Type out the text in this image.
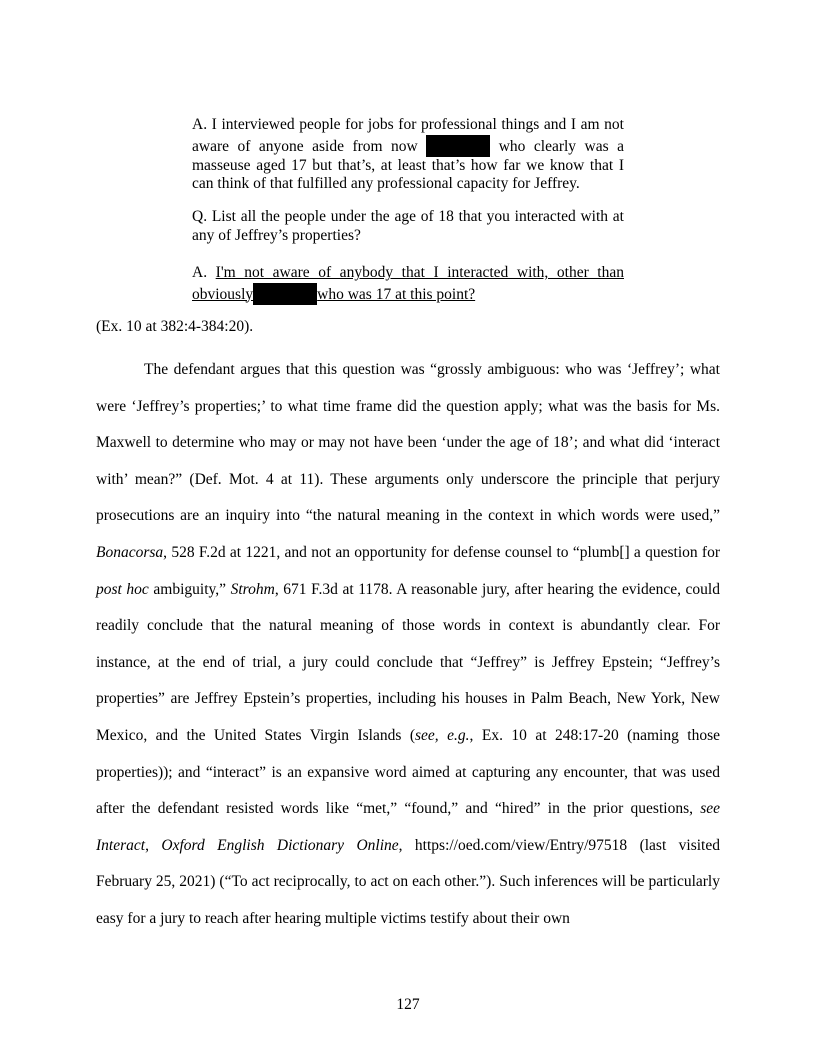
A. I interviewed people for jobs for professional things and I am not aware of anyone aside from now	who clearly was a masseuse aged 17 but that’s, at least that’s how far we know that I can think of that fulfilled any professional capacity for Jeffrey.

Q. List all the people under the age of 18 that you interacted with at any of Jeffrey’s properties?

A. I'm not aware of anybody that I interacted with, other than obviously	who was 17 at this point?

(Ex. 10 at 382:4-384:20).

The defendant argues that this question was “grossly ambiguous: who was ‘Jeffrey’; what were ‘Jeffrey’s properties;’ to what time frame did the question apply; what was the basis for Ms. Maxwell to determine who may or may not have been ‘under the age of 18’; and what did ‘interact with’ mean?” (Def. Mot. 4 at 11). These arguments only underscore the principle that perjury prosecutions are an inquiry into “the natural meaning in the context in which words were used,” Bonacorsa, 528 F.2d at 1221, and not an opportunity for defense counsel to “plumb[] a question for post hoc ambiguity,” Strohm, 671 F.3d at 1178. A reasonable jury, after hearing the evidence, could readily conclude that the natural meaning of those words in context is abundantly clear. For instance, at the end of trial, a jury could conclude that “Jeffrey” is Jeffrey Epstein; “Jeffrey’s properties” are Jeffrey Epstein’s properties, including his houses in Palm Beach, New York, New Mexico, and the United States Virgin Islands (see, e.g., Ex. 10 at 248:17-20 (naming those properties)); and “interact” is an expansive word aimed at capturing any encounter, that was used after the defendant resisted words like “met,” “found,” and “hired” in the prior questions, see Interact, Oxford English Dictionary Online, https://oed.com/view/Entry/97518 (last visited February 25, 2021) (“To act reciprocally, to act on each other.”). Such inferences will be particularly easy for a jury to reach after hearing multiple victims testify about their own

127
